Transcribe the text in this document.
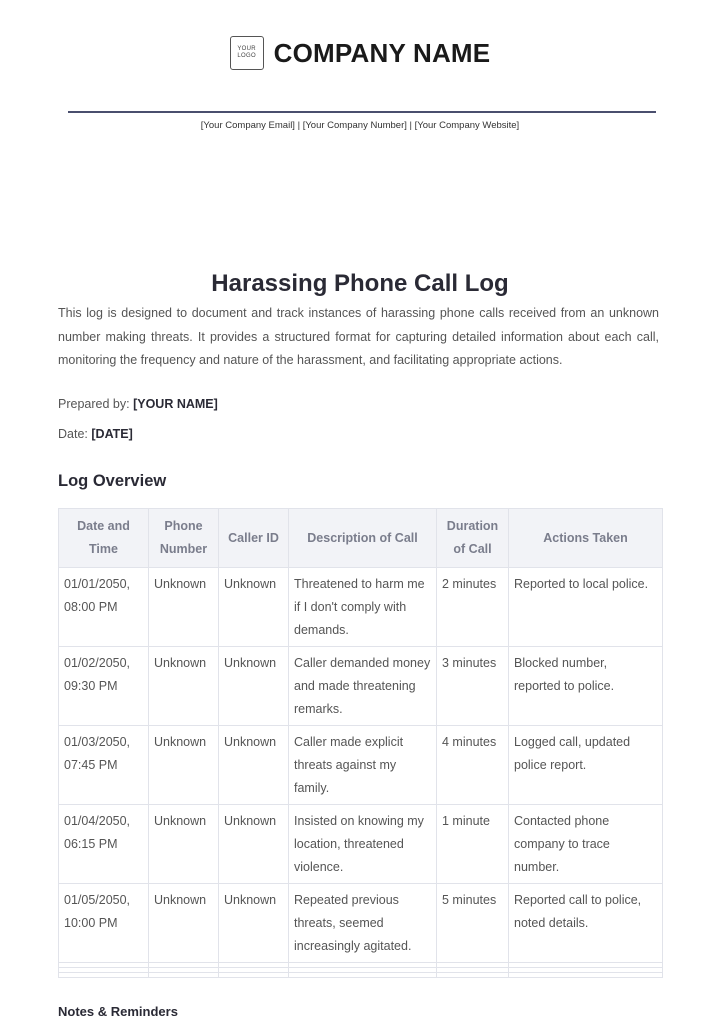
YOUR
LOGO COMPANY NAME
[Your Company Email] | [Your Company Number] | [Your Company Website]
Harassing Phone Call Log
This log is designed to document and track instances of harassing phone calls received from an unknown number making threats. It provides a structured format for capturing detailed information about each call, monitoring the frequency and nature of the harassment, and facilitating appropriate actions.
Prepared by: [YOUR NAME]
Date: [DATE]
Log Overview
Date and Time	Phone Number	Caller ID	Description of Call	Duration of Call	Actions Taken
01/01/2050, 08:00 PM	Unknown	Unknown	Threatened to harm me if I don't comply with demands.	2 minutes	Reported to local police.
01/02/2050, 09:30 PM	Unknown	Unknown	Caller demanded money and made threatening remarks.	3 minutes	Blocked number, reported to police.
01/03/2050, 07:45 PM	Unknown	Unknown	Caller made explicit threats against my family.	4 minutes	Logged call, updated police report.
01/04/2050, 06:15 PM	Unknown	Unknown	Insisted on knowing my location, threatened violence.	1 minute	Contacted phone company to trace number.
01/05/2050, 10:00 PM	Unknown	Unknown	Repeated previous threats, seemed increasingly agitated.	5 minutes	Reported call to police, noted details.

Notes & Reminders
